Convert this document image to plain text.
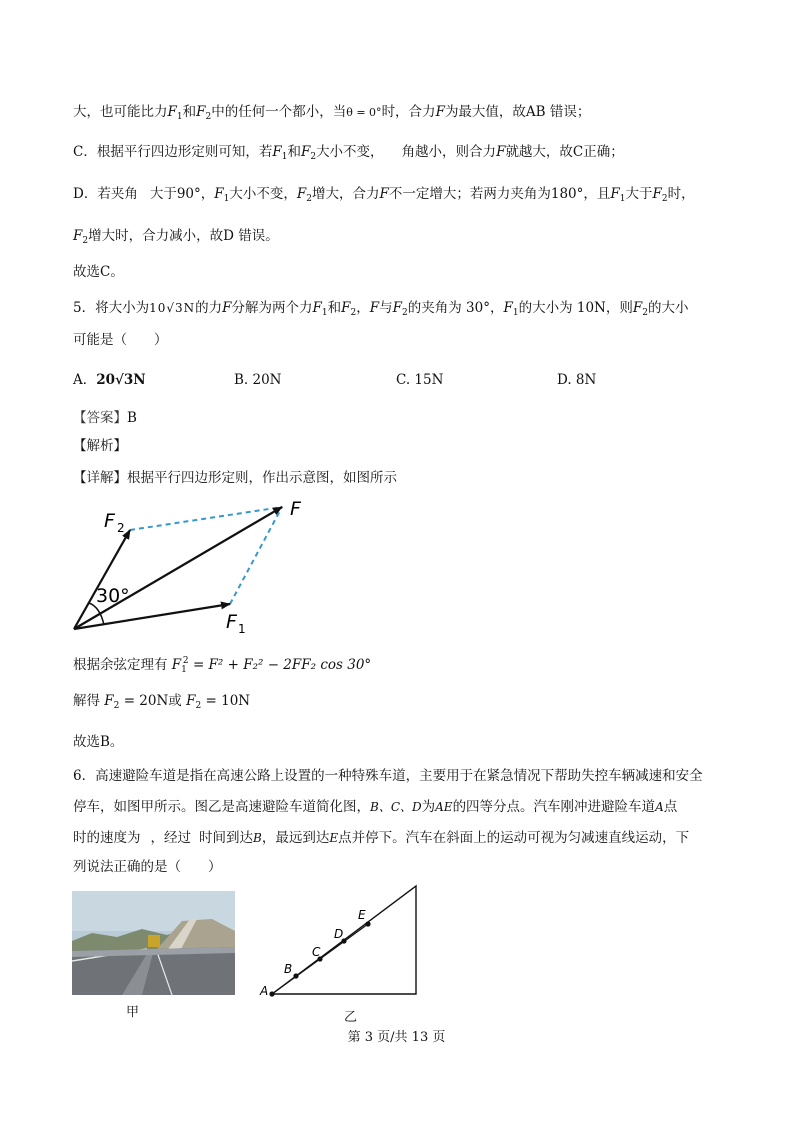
大，也可能比力$F_1$和$F_2$中的任何一个都小，当θ = 0°时，合力F为最大值，故AB 错误；
C．根据平行四边形定则可知，若$F_1$和$F_2$大小不变， 角越小，则合力F就越大，故C正确；
D．若夹角 大于90°，$F_1$大小不变，$F_2$增大，合力F不一定增大；若两力夹角为180°，且$F_1$大于$F_2$时，
$F_2$增大时，合力减小，故D 错误。
故选C。
5．将大小为10√3N的力F分解为两个力$F_1$和$F_2$，F与$F_2$的夹角为 30°，$F_1$的大小为 10N，则$F_2$的大小
可能是（　　）
A．20√3N	B. 20N	C. 15N	D. 8N
【答案】B
【解析】
【详解】根据平行四边形定则，作出示意图，如图所示
30°
F 2
F
F 1
根据余弦定理有 $F_1^2 = F^2 + F_2^2 - 2FF_2$ cos 30°
解得 $F_2 = 20N$或 $F_2 = 10N$
故选B。
6．高速避险车道是指在高速公路上设置的一种特殊车道，主要用于在紧急情况下帮助失控车辆减速和安全
停车，如图甲所示。图乙是高速避险车道简化图，B、C、D为AE的四等分点。汽车刚冲进避险车道A点
时的速度为 ，经过 时间到达B，最远到达E点并停下。汽车在斜面上的运动可视为匀减速直线运动，下
列说法正确的是（　　）
A
B
C
D
E
甲	乙
第 3 页/共 13 页
